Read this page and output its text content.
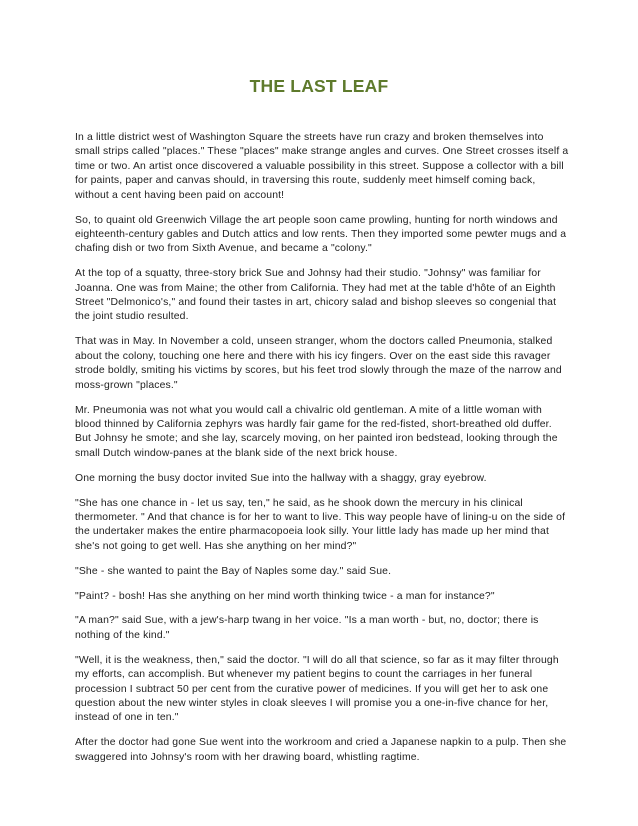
THE LAST LEAF

In a little district west of Washington Square the streets have run crazy and broken themselves into small strips called "places." These "places" make strange angles and curves. One Street crosses itself a time or two. An artist once discovered a valuable possibility in this street. Suppose a collector with a bill for paints, paper and canvas should, in traversing this route, suddenly meet himself coming back, without a cent having been paid on account!

So, to quaint old Greenwich Village the art people soon came prowling, hunting for north windows and eighteenth-century gables and Dutch attics and low rents. Then they imported some pewter mugs and a chafing dish or two from Sixth Avenue, and became a "colony."

At the top of a squatty, three-story brick Sue and Johnsy had their studio. "Johnsy" was familiar for Joanna. One was from Maine; the other from California. They had met at the table d'hôte of an Eighth Street "Delmonico's," and found their tastes in art, chicory salad and bishop sleeves so congenial that the joint studio resulted.

That was in May. In November a cold, unseen stranger, whom the doctors called Pneumonia, stalked about the colony, touching one here and there with his icy fingers. Over on the east side this ravager strode boldly, smiting his victims by scores, but his feet trod slowly through the maze of the narrow and moss-grown "places."

Mr. Pneumonia was not what you would call a chivalric old gentleman. A mite of a little woman with blood thinned by California zephyrs was hardly fair game for the red-fisted, short-breathed old duffer. But Johnsy he smote; and she lay, scarcely moving, on her painted iron bedstead, looking through the small Dutch window-panes at the blank side of the next brick house.

One morning the busy doctor invited Sue into the hallway with a shaggy, gray eyebrow.

"She has one chance in - let us say, ten," he said, as he shook down the mercury in his clinical thermometer. " And that chance is for her to want to live. This way people have of lining-u on the side of the undertaker makes the entire pharmacopoeia look silly. Your little lady has made up her mind that she's not going to get well. Has she anything on her mind?"

"She - she wanted to paint the Bay of Naples some day." said Sue.

"Paint? - bosh! Has she anything on her mind worth thinking twice - a man for instance?"

"A man?" said Sue, with a jew's-harp twang in her voice. "Is a man worth - but, no, doctor; there is nothing of the kind."

"Well, it is the weakness, then," said the doctor. "I will do all that science, so far as it may filter through my efforts, can accomplish. But whenever my patient begins to count the carriages in her funeral procession I subtract 50 per cent from the curative power of medicines. If you will get her to ask one question about the new winter styles in cloak sleeves I will promise you a one-in-five chance for her, instead of one in ten."

After the doctor had gone Sue went into the workroom and cried a Japanese napkin to a pulp. Then she swaggered into Johnsy's room with her drawing board, whistling ragtime.
